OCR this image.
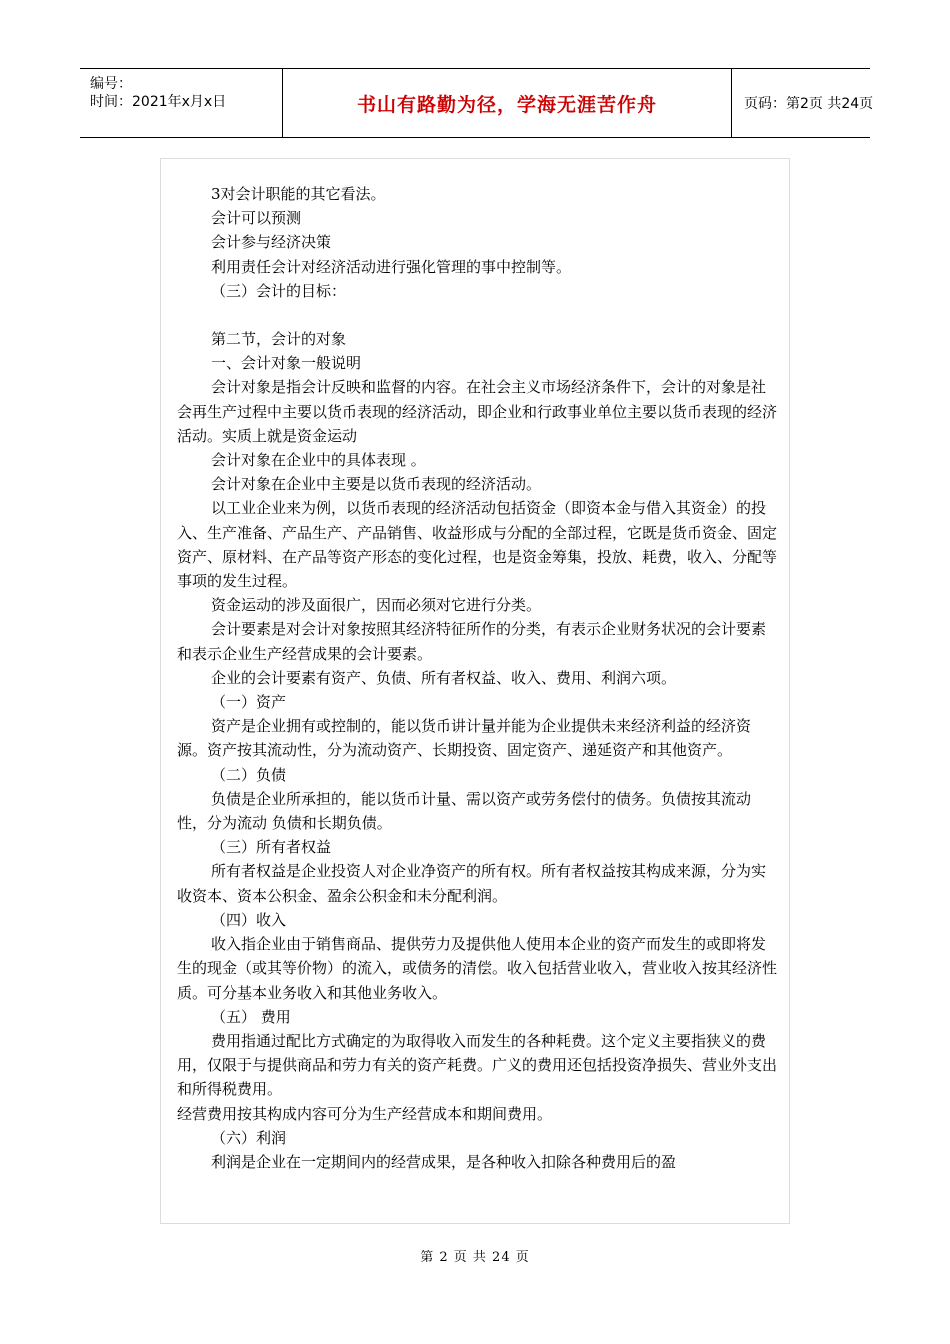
编号：
时间：2021年x月x日	书山有路勤为径，学海无涯苦作舟	页码：第2页 共24页

3对会计职能的其它看法。

会计可以预测

会计参与经济决策

利用责任会计对经济活动进行强化管理的事中控制等。

（三）会计的目标：

第二节，会计的对象

一、会计对象一般说明

会计对象是指会计反映和监督的内容。在社会主义市场经济条件下，会计的对象是社会再生产过程中主要以货币表现的经济活动，即企业和行政事业单位主要以货币表现的经济活动。实质上就是资金运动

会计对象在企业中的具体表现 。

会计对象在企业中主要是以货币表现的经济活动。

以工业企业来为例，以货币表现的经济活动包括资金（即资本金与借入其资金）的投入、生产准备、产品生产、产品销售、收益形成与分配的全部过程，它既是货币资金、固定资产、原材料、在产品等资产形态的变化过程，也是资金筹集，投放、耗费，收入、分配等事项的发生过程。

资金运动的涉及面很广，因而必须对它进行分类。

会计要素是对会计对象按照其经济特征所作的分类，有表示企业财务状况的会计要素和表示企业生产经营成果的会计要素。

企业的会计要素有资产、负债、所有者权益、收入、费用、利润六项。

（一）资产

资产是企业拥有或控制的，能以货币讲计量并能为企业提供未来经济利益的经济资源。资产按其流动性，分为流动资产、长期投资、固定资产、递延资产和其他资产。

（二）负债

负债是企业所承担的，能以货币计量、需以资产或劳务偿付的债务。负债按其流动性，分为流动 负债和长期负债。

（三）所有者权益

所有者权益是企业投资人对企业净资产的所有权。所有者权益按其构成来源，分为实收资本、资本公积金、盈余公积金和未分配利润。

（四）收入

收入指企业由于销售商品、提供劳力及提供他人使用本企业的资产而发生的或即将发生的现金（或其等价物）的流入，或债务的清偿。收入包括营业收入，营业收入按其经济性质。可分基本业务收入和其他业务收入。

（五） 费用

费用指通过配比方式确定的为取得收入而发生的各种耗费。这个定义主要指狭义的费用，仅限于与提供商品和劳力有关的资产耗费。广义的费用还包括投资净损失、营业外支出和所得税费用。

经营费用按其构成内容可分为生产经营成本和期间费用。

（六）利润

利润是企业在一定期间内的经营成果，是各种收入扣除各种费用后的盈

第 2 页 共 24 页
